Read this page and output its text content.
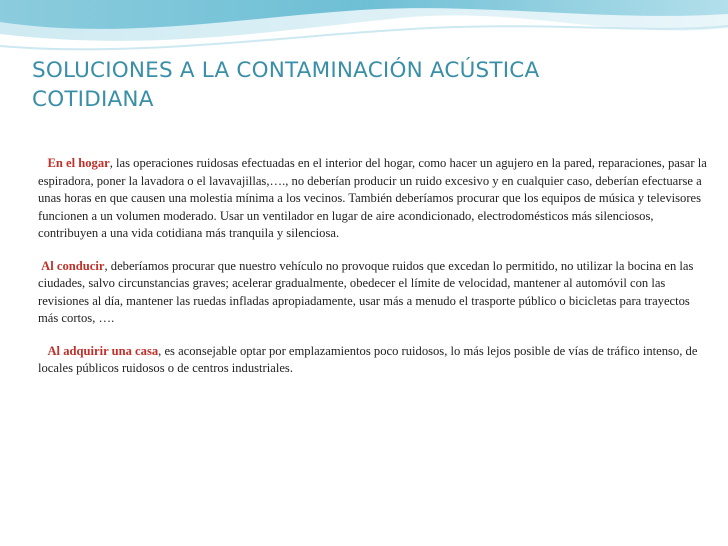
SOLUCIONES A LA CONTAMINACIÓN ACÚSTICA
COTIDIANA

En el hogar, las operaciones ruidosas efectuadas en el interior del hogar, como hacer un agujero en la pared, reparaciones, pasar la espiradora, poner la lavadora o el lavavajillas,…., no deberían producir un ruido excesivo y en cualquier caso, deberían efectuarse a unas horas en que causen una molestia mínima a los vecinos. También deberíamos procurar que los equipos de música y televisores funcionen a un volumen moderado. Usar un ventilador en lugar de aire acondicionado, electrodomésticos más silenciosos, contribuyen a una vida cotidiana más tranquila y silenciosa.

Al conducir, deberíamos procurar que nuestro vehículo no provoque ruidos que excedan lo permitido, no utilizar la bocina en las ciudades, salvo circunstancias graves; acelerar gradualmente, obedecer el límite de velocidad, mantener al automóvil con las revisiones al día, mantener las ruedas infladas apropiadamente, usar más a menudo el trasporte público o bicicletas para trayectos más cortos, ….

Al adquirir una casa, es aconsejable optar por emplazamientos poco ruidosos, lo más lejos posible de vías de tráfico intenso, de locales públicos ruidosos o de centros industriales.
